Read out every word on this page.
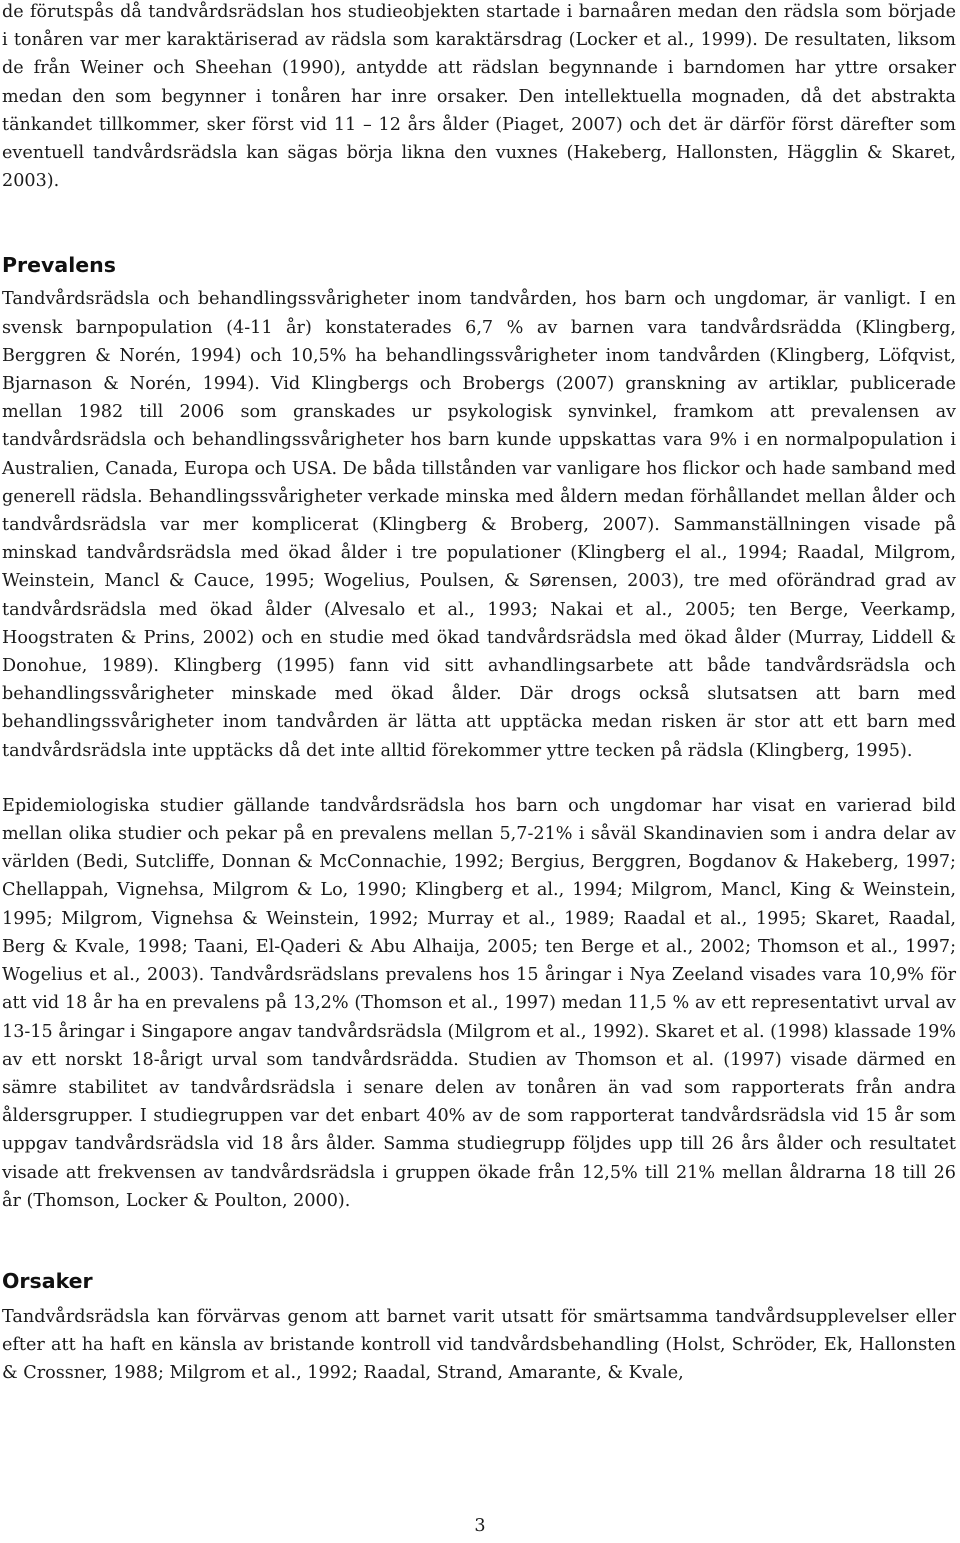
de förutspås då tandvårdsrädslan hos studieobjekten startade i barnaåren medan den rädsla som började i tonåren var mer karaktäriserad av rädsla som karaktärsdrag (Locker et al., 1999). De resultaten, liksom de från Weiner och Sheehan (1990), antydde att rädslan begynnande i barndomen har yttre orsaker medan den som begynner i tonåren har inre orsaker. Den intellektuella mognaden, då det abstrakta tänkandet tillkommer, sker först vid 11 – 12 års ålder (Piaget, 2007) och det är därför först därefter som eventuell tandvårdsrädsla kan sägas börja likna den vuxnes (Hakeberg, Hallonsten, Hägglin & Skaret, 2003).

Prevalens

Tandvårdsrädsla och behandlingssvårigheter inom tandvården, hos barn och ungdomar, är vanligt. I en svensk barnpopulation (4-11 år) konstaterades 6,7 % av barnen vara tandvårdsrädda (Klingberg, Berggren & Norén, 1994) och 10,5% ha behandlingssvårigheter inom tandvården (Klingberg, Löfqvist, Bjarnason & Norén, 1994). Vid Klingbergs och Brobergs (2007) granskning av artiklar, publicerade mellan 1982 till 2006 som granskades ur psykologisk synvinkel, framkom att prevalensen av tandvårdsrädsla och behandlingssvårigheter hos barn kunde uppskattas vara 9% i en normalpopulation i Australien, Canada, Europa och USA. De båda tillstånden var vanligare hos flickor och hade samband med generell rädsla. Behandlingssvårigheter verkade minska med åldern medan förhållandet mellan ålder och tandvårdsrädsla var mer komplicerat (Klingberg & Broberg, 2007). Sammanställningen visade på minskad tandvårdsrädsla med ökad ålder i tre populationer (Klingberg el al., 1994; Raadal, Milgrom, Weinstein, Mancl & Cauce, 1995; Wogelius, Poulsen, & Sørensen, 2003), tre med oförändrad grad av tandvårdsrädsla med ökad ålder (Alvesalo et al., 1993; Nakai et al., 2005; ten Berge, Veerkamp, Hoogstraten & Prins, 2002) och en studie med ökad tandvårdsrädsla med ökad ålder (Murray, Liddell & Donohue, 1989). Klingberg (1995) fann vid sitt avhandlingsarbete att både tandvårdsrädsla och behandlingssvårigheter minskade med ökad ålder. Där drogs också slutsatsen att barn med behandlingssvårigheter inom tandvården är lätta att upptäcka medan risken är stor att ett barn med tandvårdsrädsla inte upptäcks då det inte alltid förekommer yttre tecken på rädsla (Klingberg, 1995).

Epidemiologiska studier gällande tandvårdsrädsla hos barn och ungdomar har visat en varierad bild mellan olika studier och pekar på en prevalens mellan 5,7-21% i såväl Skandinavien som i andra delar av världen (Bedi, Sutcliffe, Donnan & McConnachie, 1992; Bergius, Berggren, Bogdanov & Hakeberg, 1997; Chellappah, Vignehsa, Milgrom & Lo, 1990; Klingberg et al., 1994; Milgrom, Mancl, King & Weinstein, 1995; Milgrom, Vignehsa & Weinstein, 1992; Murray et al., 1989; Raadal et al., 1995; Skaret, Raadal, Berg & Kvale, 1998; Taani, El-Qaderi & Abu Alhaija, 2005; ten Berge et al., 2002; Thomson et al., 1997; Wogelius et al., 2003). Tandvårdsrädslans prevalens hos 15 åringar i Nya Zeeland visades vara 10,9% för att vid 18 år ha en prevalens på 13,2% (Thomson et al., 1997) medan 11,5 % av ett representativt urval av 13-15 åringar i Singapore angav tandvårdsrädsla (Milgrom et al., 1992). Skaret et al. (1998) klassade 19% av ett norskt 18-årigt urval som tandvårdsrädda. Studien av Thomson et al. (1997) visade därmed en sämre stabilitet av tandvårdsrädsla i senare delen av tonåren än vad som rapporterats från andra åldersgrupper. I studiegruppen var det enbart 40% av de som rapporterat tandvårdsrädsla vid 15 år som uppgav tandvårdsrädsla vid 18 års ålder. Samma studiegrupp följdes upp till 26 års ålder och resultatet visade att frekvensen av tandvårdsrädsla i gruppen ökade från 12,5% till 21% mellan åldrarna 18 till 26 år (Thomson, Locker & Poulton, 2000).

Orsaker

Tandvårdsrädsla kan förvärvas genom att barnet varit utsatt för smärtsamma tandvårdsupplevelser eller efter att ha haft en känsla av bristande kontroll vid tandvårdsbehandling (Holst, Schröder, Ek, Hallonsten & Crossner, 1988; Milgrom et al., 1992; Raadal, Strand, Amarante, & Kvale,

3
